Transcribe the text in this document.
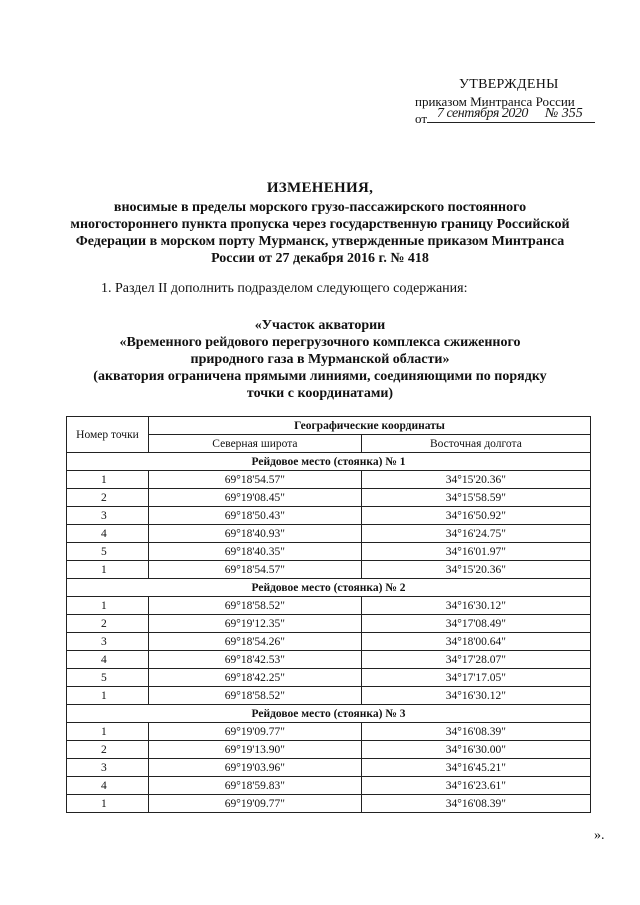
УТВЕРЖДЕНЫ
приказом Минтранса России
от 7 сентября 2020 № 355
ИЗМЕНЕНИЯ,
вносимые в пределы морского грузо-пассажирского постоянного
многостороннего пункта пропуска через государственную границу Российской
Федерации в морском порту Мурманск, утвержденные приказом Минтранса
России от 27 декабря 2016 г. № 418
1. Раздел II дополнить подразделом следующего содержания:
«Участок акватории
«Временного рейдового перегрузочного комплекса сжиженного
природного газа в Мурманской области»
(акватория ограничена прямыми линиями, соединяющими по порядку
точки с координатами)
Номер точки	Географические координаты	
	Северная широта	Восточная долгота
Рейдовое место (стоянка) № 1		
1	69°18'54.57"	34°15'20.36"
2	69°19'08.45"	34°15'58.59"
3	69°18'50.43"	34°16'50.92"
4	69°18'40.93"	34°16'24.75"
5	69°18'40.35"	34°16'01.97"
1	69°18'54.57"	34°15'20.36"
Рейдовое место (стоянка) № 2		
1	69°18'58.52"	34°16'30.12"
2	69°19'12.35"	34°17'08.49"
3	69°18'54.26"	34°18'00.64"
4	69°18'42.53"	34°17'28.07"
5	69°18'42.25"	34°17'17.05"
1	69°18'58.52"	34°16'30.12"
Рейдовое место (стоянка) № 3		
1	69°19'09.77"	34°16'08.39"
2	69°19'13.90"	34°16'30.00"
3	69°19'03.96"	34°16'45.21"
4	69°18'59.83"	34°16'23.61"
1	69°19'09.77"	34°16'08.39"
».
